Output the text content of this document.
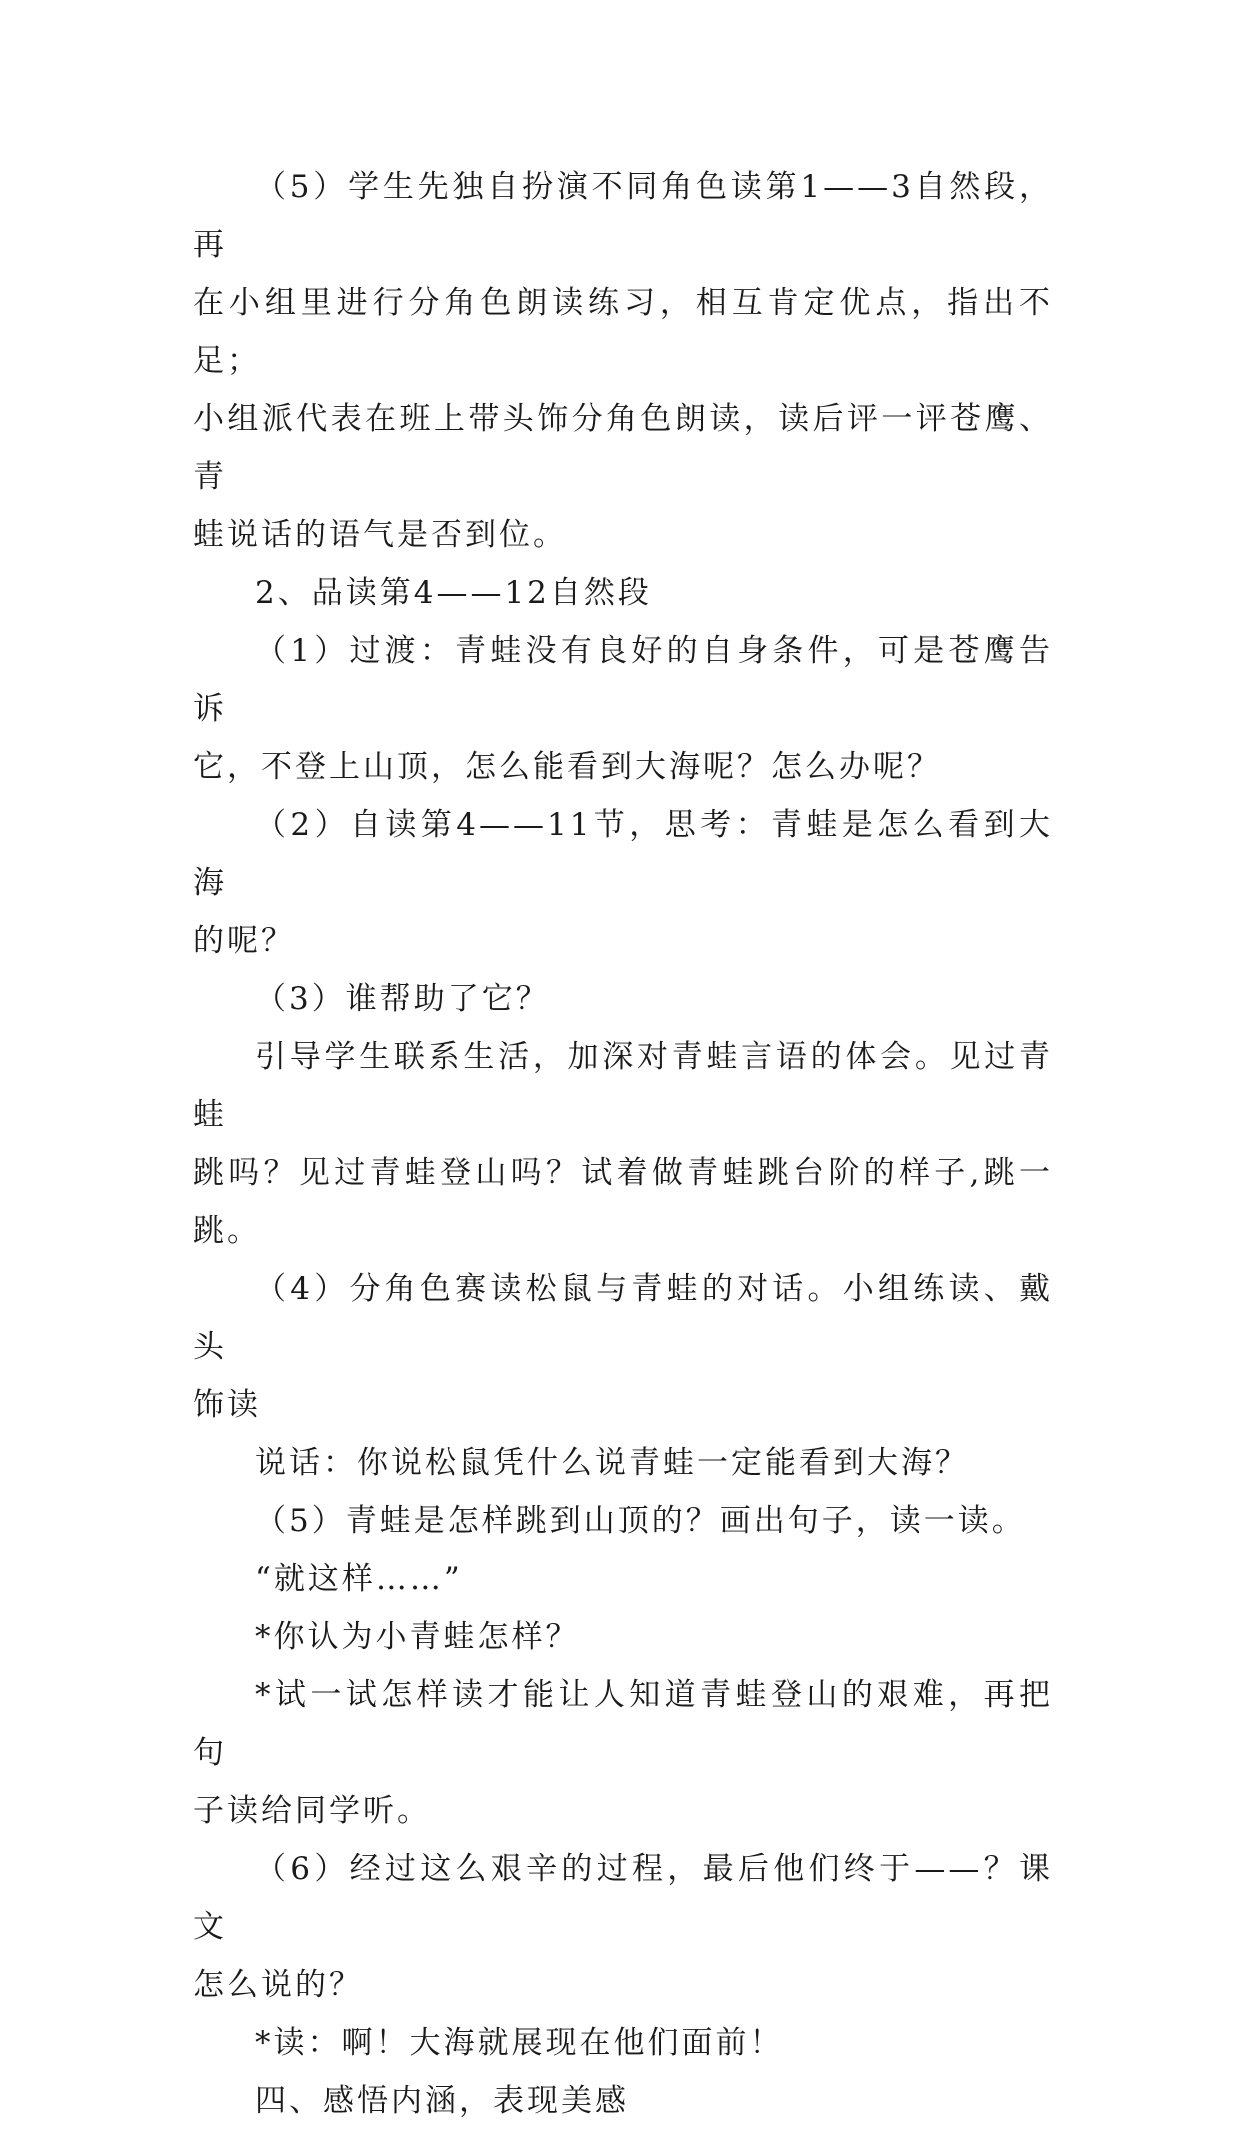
（5）学生先独自扮演不同角色读第1——3自然段，再
在小组里进行分角色朗读练习，相互肯定优点，指出不足；
小组派代表在班上带头饰分角色朗读，读后评一评苍鹰、青
蛙说话的语气是否到位。
2、品读第4——12自然段
（1）过渡：青蛙没有良好的自身条件，可是苍鹰告诉
它，不登上山顶，怎么能看到大海呢？怎么办呢？
（2）自读第4——11节，思考：青蛙是怎么看到大海
的呢？
（3）谁帮助了它？
引导学生联系生活，加深对青蛙言语的体会。见过青蛙
跳吗？见过青蛙登山吗？试着做青蛙跳台阶的样子,跳一跳。
（4）分角色赛读松鼠与青蛙的对话。小组练读、戴头
饰读
说话：你说松鼠凭什么说青蛙一定能看到大海？
（5）青蛙是怎样跳到山顶的？画出句子，读一读。
“就这样……”
*你认为小青蛙怎样？
*试一试怎样读才能让人知道青蛙登山的艰难，再把句
子读给同学听。
（6）经过这么艰辛的过程，最后他们终于——？课文
怎么说的？
*读：啊！大海就展现在他们面前！
四、感悟内涵，表现美感
